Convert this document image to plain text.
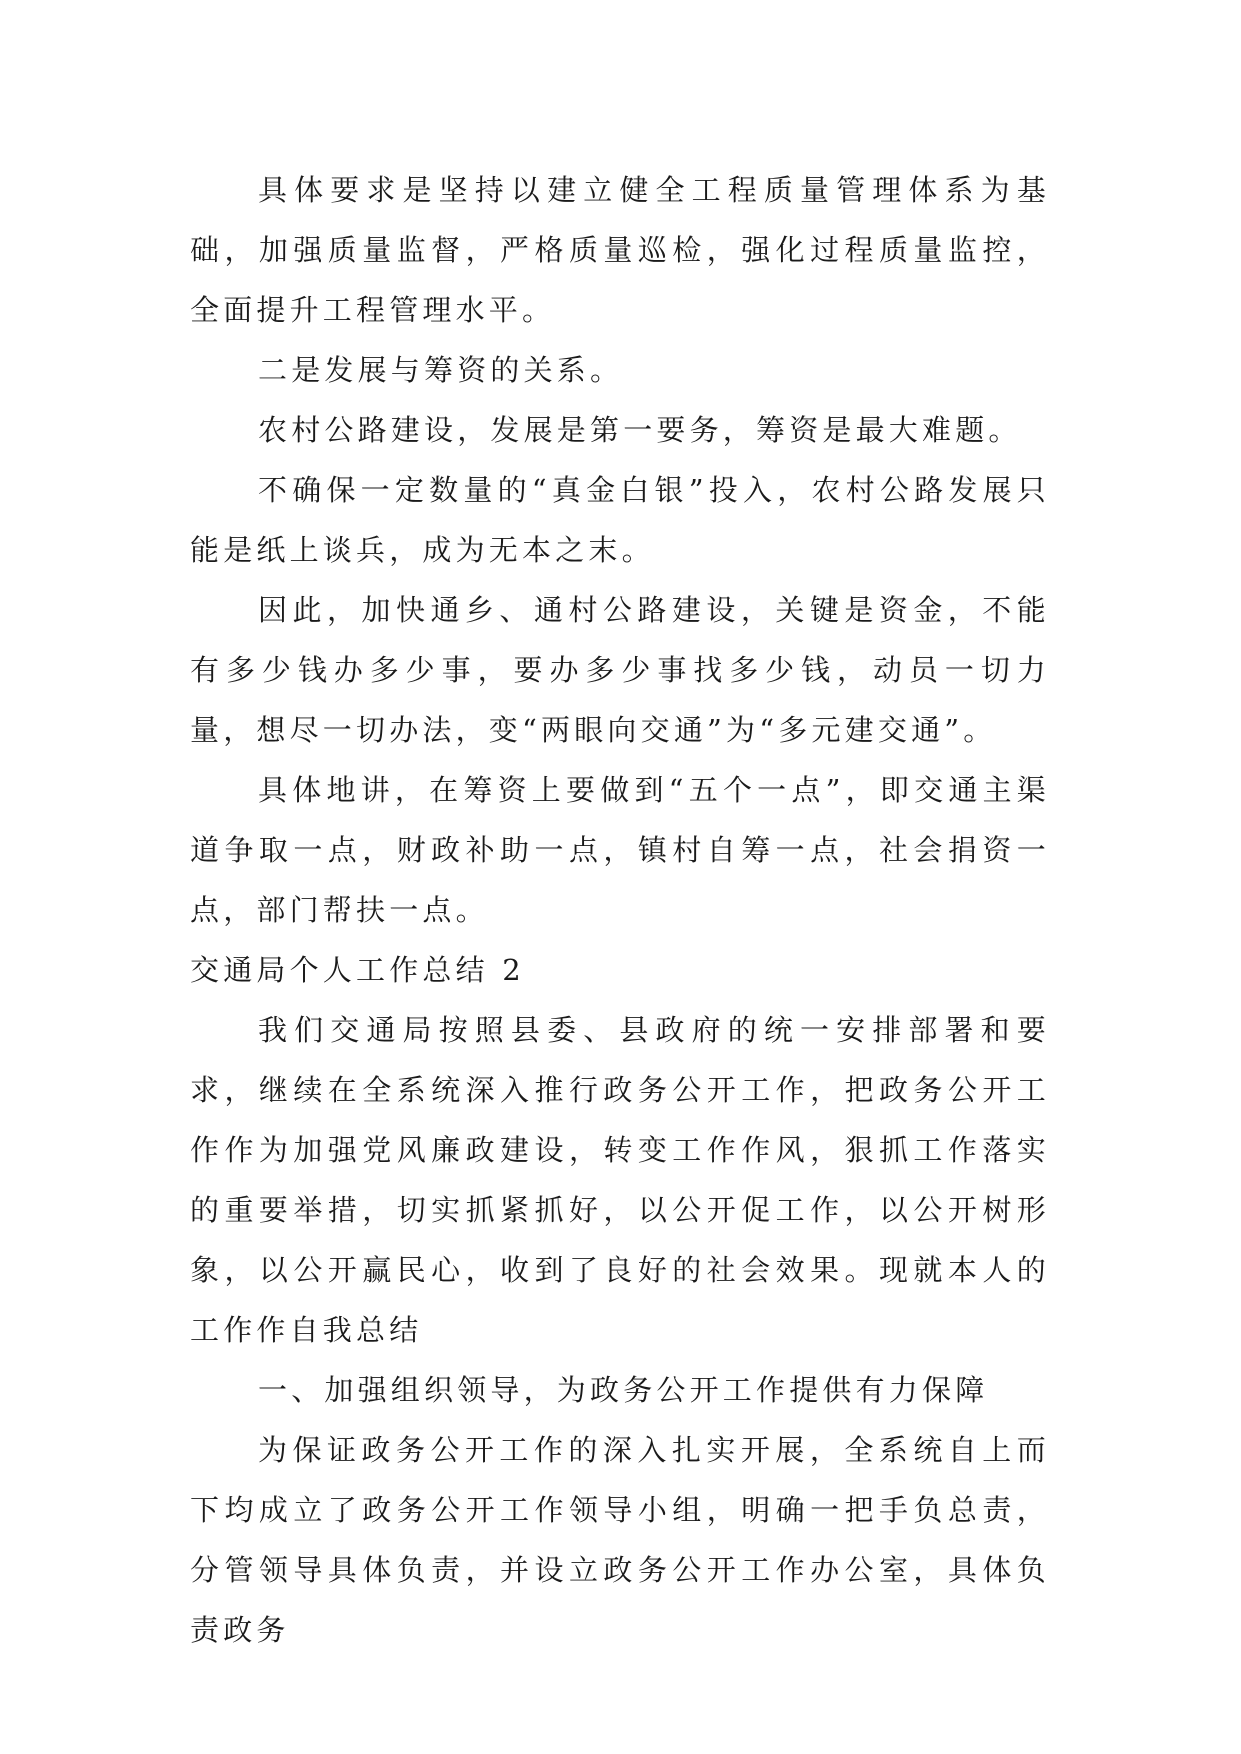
具体要求是坚持以建立健全工程质量管理体系为基础，加强质量监督，严格质量巡检，强化过程质量监控，全面提升工程管理水平。

二是发展与筹资的关系。

农村公路建设，发展是第一要务，筹资是最大难题。

不确保一定数量的“真金白银”投入，农村公路发展只能是纸上谈兵，成为无本之末。

因此，加快通乡、通村公路建设，关键是资金，不能有多少钱办多少事，要办多少事找多少钱，动员一切力量，想尽一切办法，变“两眼向交通”为“多元建交通”。

具体地讲，在筹资上要做到“五个一点”，即交通主渠道争取一点，财政补助一点，镇村自筹一点，社会捐资一点，部门帮扶一点。

交通局个人工作总结 2

我们交通局按照县委、县政府的统一安排部署和要求，继续在全系统深入推行政务公开工作，把政务公开工作作为加强党风廉政建设，转变工作作风，狠抓工作落实的重要举措，切实抓紧抓好，以公开促工作，以公开树形象，以公开赢民心，收到了良好的社会效果。现就本人的工作作自我总结

一、加强组织领导，为政务公开工作提供有力保障

为保证政务公开工作的深入扎实开展，全系统自上而下均成立了政务公开工作领导小组，明确一把手负总责，分管领导具体负责，并设立政务公开工作办公室，具体负责政务
